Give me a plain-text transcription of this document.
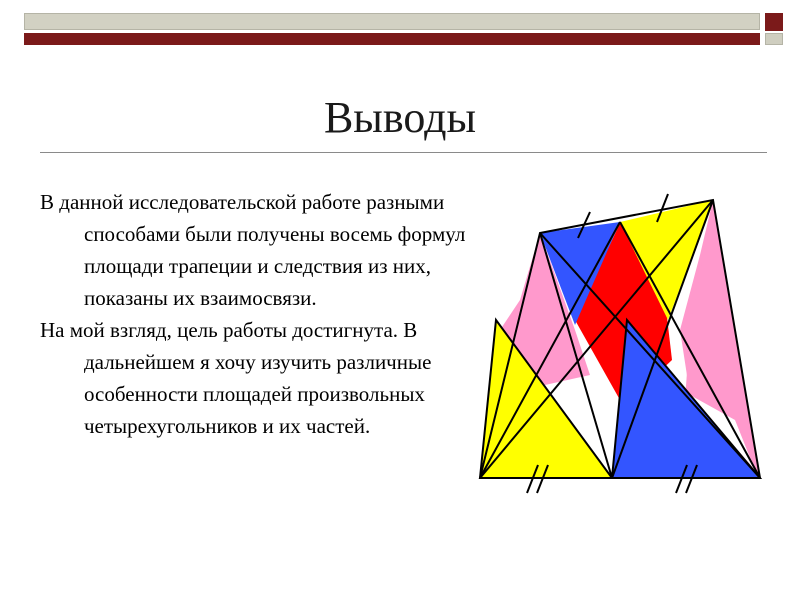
Выводы

В данной исследовательской работе разными способами были получены восемь формул площади трапеции и следствия из них, показаны их взаимосвязи.

На мой взгляд, цель работы достигнута. В дальнейшем я хочу изучить различные особенности площадей произвольных четырехугольников и их частей.
